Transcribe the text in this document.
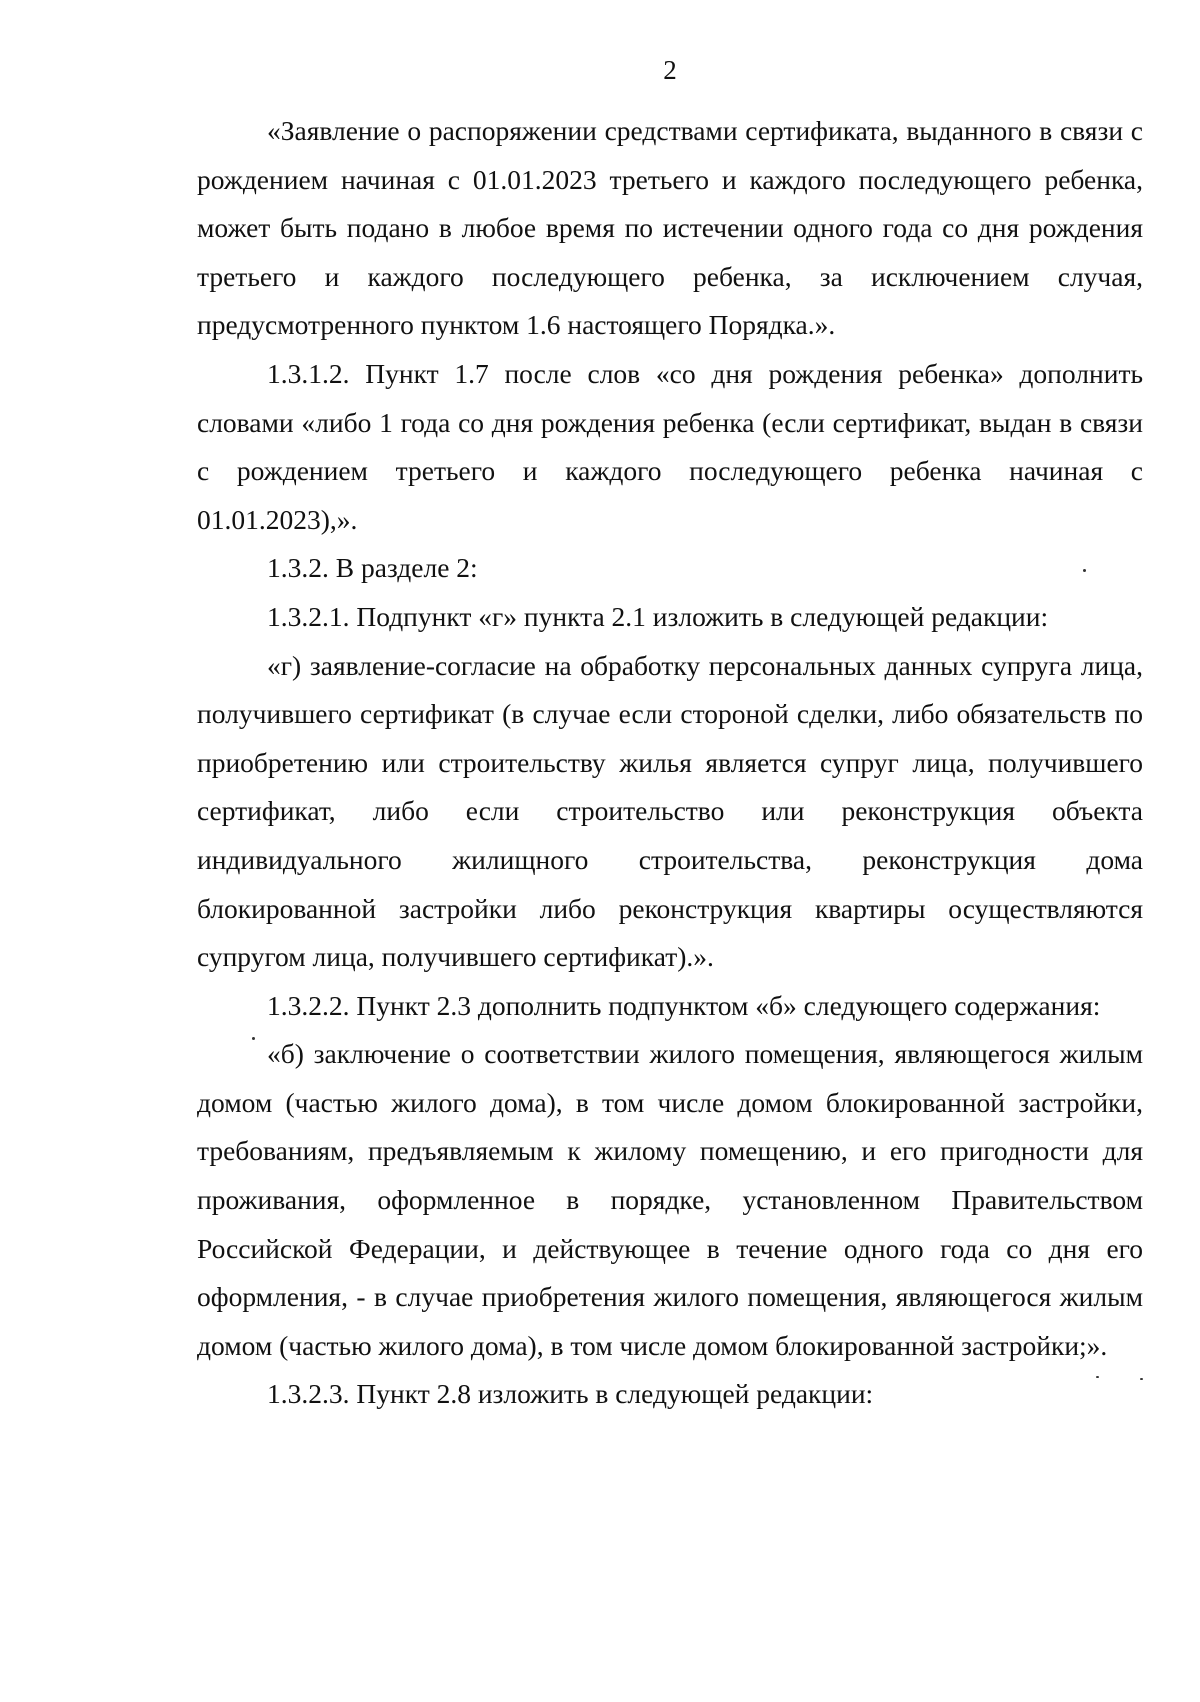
2

«Заявление о распоряжении средствами сертификата, выданного в связи с рождением начиная с 01.01.2023 третьего и каждого последующего ребенка, может быть подано в любое время по истечении одного года со дня рождения третьего и каждого последующего ребенка, за исключением случая, предусмотренного пунктом 1.6 настоящего Порядка.».

1.3.1.2. Пункт 1.7 после слов «со дня рождения ребенка» дополнить словами «либо 1 года со дня рождения ребенка (если сертификат, выдан в связи с рождением третьего и каждого последующего ребенка начиная с 01.01.2023),».

1.3.2. В разделе 2:

1.3.2.1. Подпункт «г» пункта 2.1 изложить в следующей редакции:

«г) заявление-согласие на обработку персональных данных супруга лица, получившего сертификат (в случае если стороной сделки, либо обязательств по приобретению или строительству жилья является супруг лица, получившего сертификат, либо если строительство или реконструкция объекта индивидуального жилищного строительства, реконструкция дома блокированной застройки либо реконструкция квартиры осуществляются супругом лица, получившего сертификат).».

1.3.2.2. Пункт 2.3 дополнить подпунктом «б» следующего содержания:

«б) заключение о соответствии жилого помещения, являющегося жилым домом (частью жилого дома), в том числе домом блокированной застройки, требованиям, предъявляемым к жилому помещению, и его пригодности для проживания, оформленное в порядке, установленном Правительством Российской Федерации, и действующее в течение одного года со дня его оформления, - в случае приобретения жилого помещения, являющегося жилым домом (частью жилого дома), в том числе домом блокированной застройки;».

1.3.2.3. Пункт 2.8 изложить в следующей редакции:
